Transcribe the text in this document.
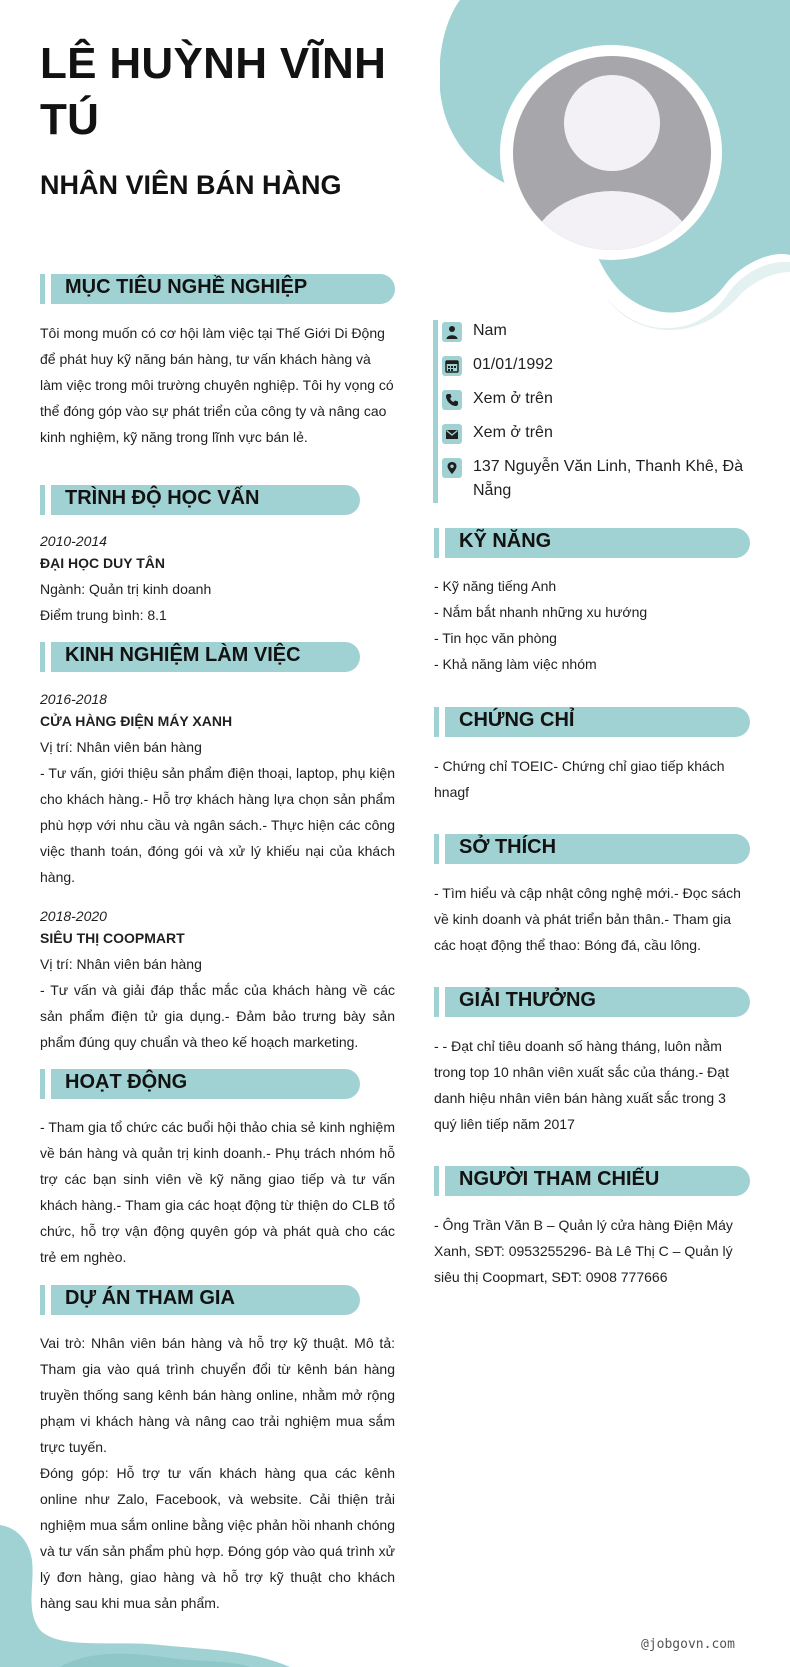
LÊ HUỲNH VĨNH TÚ
NHÂN VIÊN BÁN HÀNG
MỤC TIÊU NGHỀ NGHIỆP
Tôi mong muốn có cơ hội làm việc tại Thế Giới Di Động để phát huy kỹ năng bán hàng, tư vấn khách hàng và làm việc trong môi trường chuyên nghiệp. Tôi hy vọng có thể đóng góp vào sự phát triển của công ty và nâng cao kinh nghiệm, kỹ năng trong lĩnh vực bán lẻ.
TRÌNH ĐỘ HỌC VẤN
2010-2014
ĐẠI HỌC DUY TÂN
Ngành: Quản trị kinh doanh
Điểm trung bình: 8.1
KINH NGHIỆM LÀM VIỆC
2016-2018
CỬA HÀNG ĐIỆN MÁY XANH
Vị trí: Nhân viên bán hàng
- Tư vấn, giới thiệu sản phẩm điện thoại, laptop, phụ kiện cho khách hàng.- Hỗ trợ khách hàng lựa chọn sản phẩm phù hợp với nhu cầu và ngân sách.- Thực hiện các công việc thanh toán, đóng gói và xử lý khiếu nại của khách hàng.
2018-2020
SIÊU THỊ COOPMART
Vị trí: Nhân viên bán hàng
- Tư vấn và giải đáp thắc mắc của khách hàng về các sản phẩm điện tử gia dụng.- Đảm bảo trưng bày sản phẩm đúng quy chuẩn và theo kế hoạch marketing.
HOẠT ĐỘNG
- Tham gia tổ chức các buổi hội thảo chia sẻ kinh nghiệm về bán hàng và quản trị kinh doanh.- Phụ trách nhóm hỗ trợ các bạn sinh viên về kỹ năng giao tiếp và tư vấn khách hàng.- Tham gia các hoạt động từ thiện do CLB tổ chức, hỗ trợ vận động quyên góp và phát quà cho các trẻ em nghèo.
DỰ ÁN THAM GIA
Vai trò: Nhân viên bán hàng và hỗ trợ kỹ thuật. Mô tả: Tham gia vào quá trình chuyển đổi từ kênh bán hàng truyền thống sang kênh bán hàng online, nhằm mở rộng phạm vi khách hàng và nâng cao trải nghiệm mua sắm trực tuyến.
Đóng góp: Hỗ trợ tư vấn khách hàng qua các kênh online như Zalo, Facebook, và website. Cải thiện trải nghiệm mua sắm online bằng việc phản hồi nhanh chóng và tư vấn sản phẩm phù hợp. Đóng góp vào quá trình xử lý đơn hàng, giao hàng và hỗ trợ kỹ thuật cho khách hàng sau khi mua sản phẩm.
Nam
01/01/1992
Xem ở trên
Xem ở trên
137 Nguyễn Văn Linh, Thanh Khê, Đà Nẵng
KỸ NĂNG
- Kỹ năng tiếng Anh
- Nắm bắt nhanh những xu hướng
- Tin học văn phòng
- Khả năng làm việc nhóm
CHỨNG CHỈ
- Chứng chỉ TOEIC- Chứng chỉ giao tiếp khách hnagf
SỞ THÍCH
- Tìm hiểu và cập nhật công nghệ mới.- Đọc sách về kinh doanh và phát triển bản thân.- Tham gia các hoạt động thể thao: Bóng đá, cầu lông.
GIẢI THƯỞNG
- - Đạt chỉ tiêu doanh số hàng tháng, luôn nằm trong top 10 nhân viên xuất sắc của tháng.- Đạt danh hiệu nhân viên bán hàng xuất sắc trong 3 quý liên tiếp năm 2017
NGƯỜI THAM CHIẾU
- Ông Trần Văn B – Quản lý cửa hàng Điện Máy Xanh, SĐT: 0953255296- Bà Lê Thị C – Quản lý siêu thị Coopmart, SĐT: 0908 777666
@jobgovn.com
